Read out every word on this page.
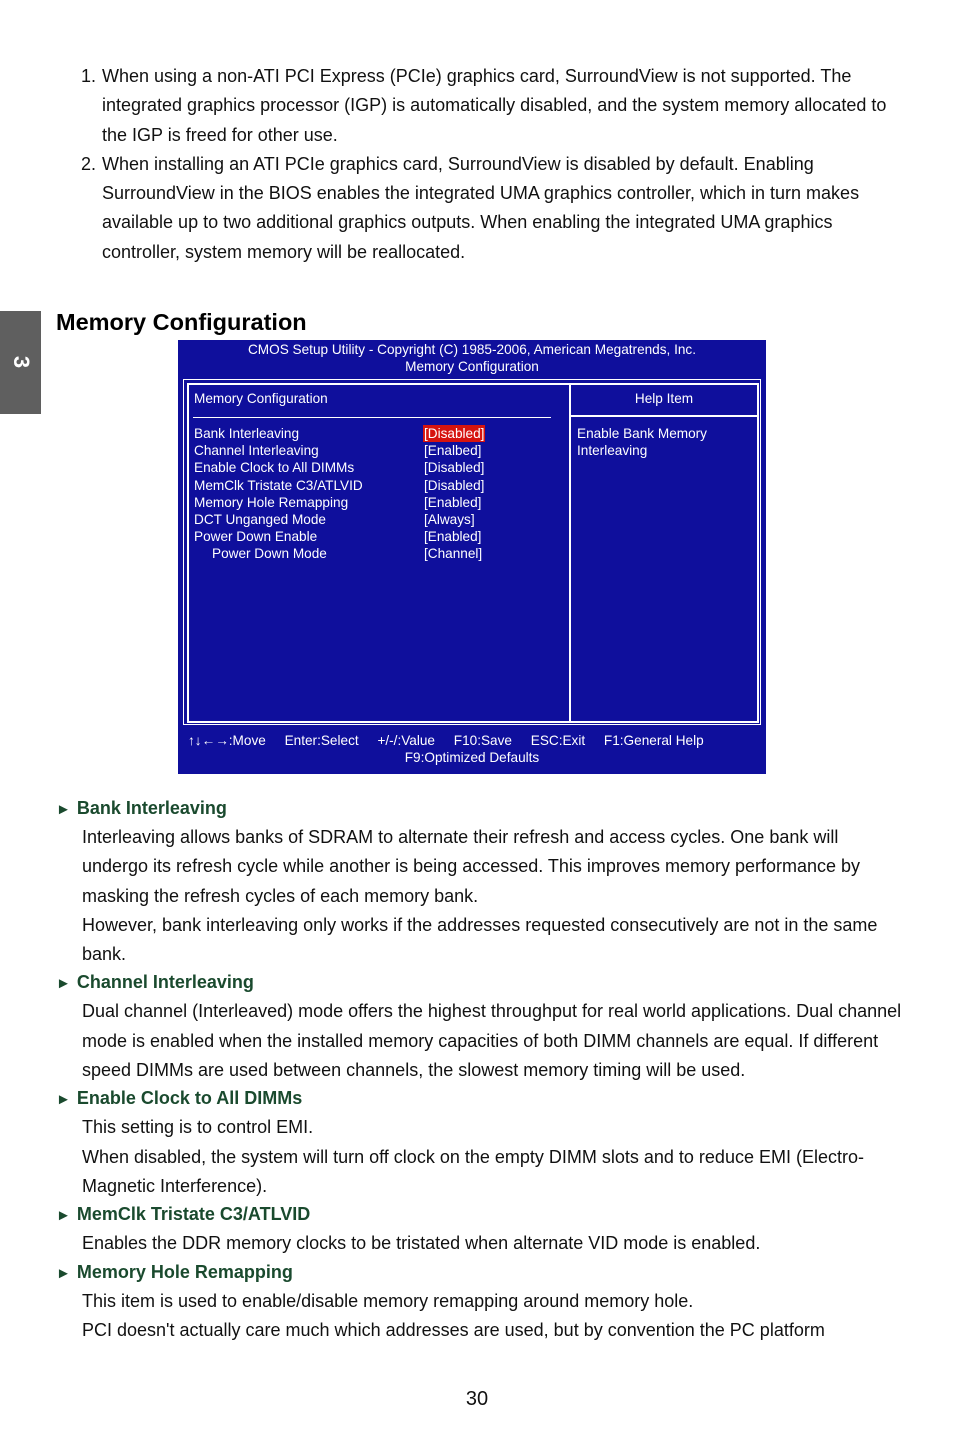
1. When using a non-ATI PCI Express (PCIe) graphics card, SurroundView is not supported. The integrated graphics processor (IGP) is automatically disabled, and the system memory allocated to the IGP is freed for other use.
2. When installing an ATI PCIe graphics card, SurroundView is disabled by default. Enabling SurroundView in the BIOS enables the integrated UMA graphics controller, which in turn makes available up to two additional graphics outputs. When enabling the integrated UMA graphics controller, system memory will be reallocated.
3
Memory Configuration
CMOS Setup Utility - Copyright (C) 1985-2006, American Megatrends, Inc.
Memory Configuration
Memory Configuration	Help Item
Bank Interleaving	[Disabled]
Channel Interleaving	[Enalbed]
Enable Clock to All DIMMs	[Disabled]
MemClk Tristate C3/ATLVID	[Disabled]
Memory Hole Remapping	[Enabled]
DCT Unganged Mode	[Always]
Power Down Enable	[Enabled]
Power Down Mode	[Channel]
Enable Bank Memory Interleaving
↑↓←→:Move Enter:Select +/-/:Value F10:Save ESC:Exit F1:General Help
F9:Optimized Defaults
► Bank Interleaving
Interleaving allows banks of SDRAM to alternate their refresh and access cycles. One bank will undergo its refresh cycle while another is being accessed. This improves memory performance by masking the refresh cycles of each memory bank.
However, bank interleaving only works if the addresses requested consecutively are not in the same bank.
► Channel Interleaving
Dual channel (Interleaved) mode offers the highest throughput for real world applications. Dual channel mode is enabled when the installed memory capacities of both DIMM channels are equal. If different speed DIMMs are used between channels, the slowest memory timing will be used.
► Enable Clock to All DIMMs
This setting is to control EMI.
When disabled, the system will turn off clock on the empty DIMM slots and to reduce EMI (Electro-Magnetic Interference).
► MemClk Tristate C3/ATLVID
Enables the DDR memory clocks to be tristated when alternate VID mode is enabled.
► Memory Hole Remapping
This item is used to enable/disable memory remapping around memory hole.
PCI doesn't actually care much which addresses are used, but by convention the PC platform
30
